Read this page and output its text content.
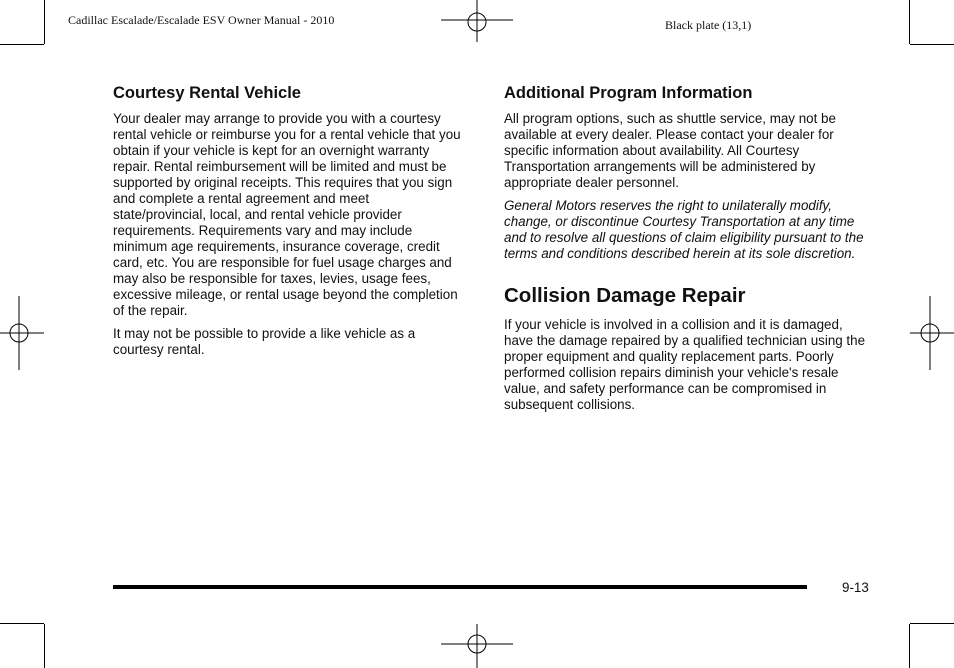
Cadillac Escalade/Escalade ESV Owner Manual - 2010	Black plate (13,1)
Courtesy Rental Vehicle

Your dealer may arrange to provide you with a courtesy rental vehicle or reimburse you for a rental vehicle that you obtain if your vehicle is kept for an overnight warranty repair. Rental reimbursement will be limited and must be supported by original receipts. This requires that you sign and complete a rental agreement and meet state/provincial, local, and rental vehicle provider requirements. Requirements vary and may include minimum age requirements, insurance coverage, credit card, etc. You are responsible for fuel usage charges and may also be responsible for taxes, levies, usage fees, excessive mileage, or rental usage beyond the completion of the repair.

It may not be possible to provide a like vehicle as a courtesy rental.

Additional Program Information

All program options, such as shuttle service, may not be available at every dealer. Please contact your dealer for specific information about availability. All Courtesy Transportation arrangements will be administered by appropriate dealer personnel.

General Motors reserves the right to unilaterally modify, change, or discontinue Courtesy Transportation at any time and to resolve all questions of claim eligibility pursuant to the terms and conditions described herein at its sole discretion.

Collision Damage Repair

If your vehicle is involved in a collision and it is damaged, have the damage repaired by a qualified technician using the proper equipment and quality replacement parts. Poorly performed collision repairs diminish your vehicle's resale value, and safety performance can be compromised in subsequent collisions.

9-13
